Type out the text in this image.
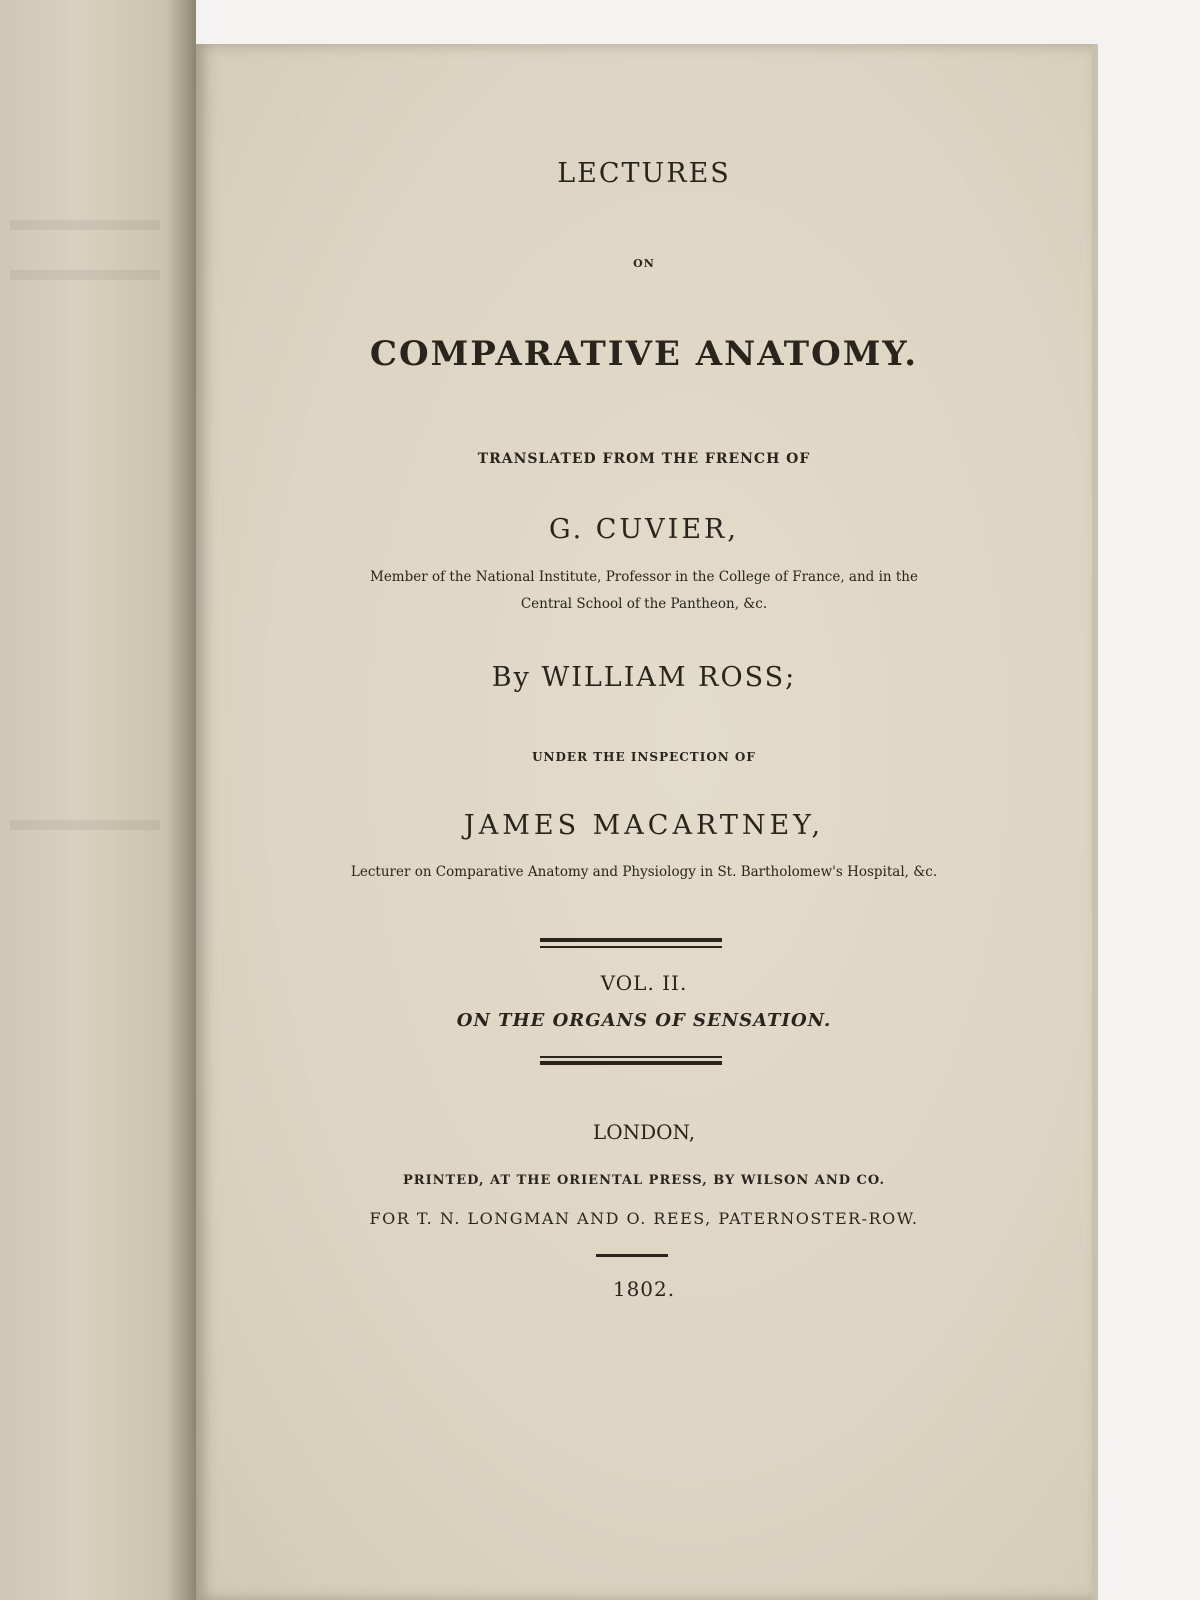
LECTURES
ON
COMPARATIVE ANATOMY.
TRANSLATED FROM THE FRENCH OF
G. CUVIER,
Member of the National Institute, Professor in the College of France, and in the
Central School of the Pantheon, &c.
By WILLIAM ROSS;
UNDER THE INSPECTION OF
JAMES MACARTNEY,
Lecturer on Comparative Anatomy and Physiology in St. Bartholomew's Hospital, &c.
VOL. II.
ON THE ORGANS OF SENSATION.
LONDON,
PRINTED, AT THE ORIENTAL PRESS, BY WILSON AND CO.
FOR T. N. LONGMAN AND O. REES, PATERNOSTER-ROW.
1802.
